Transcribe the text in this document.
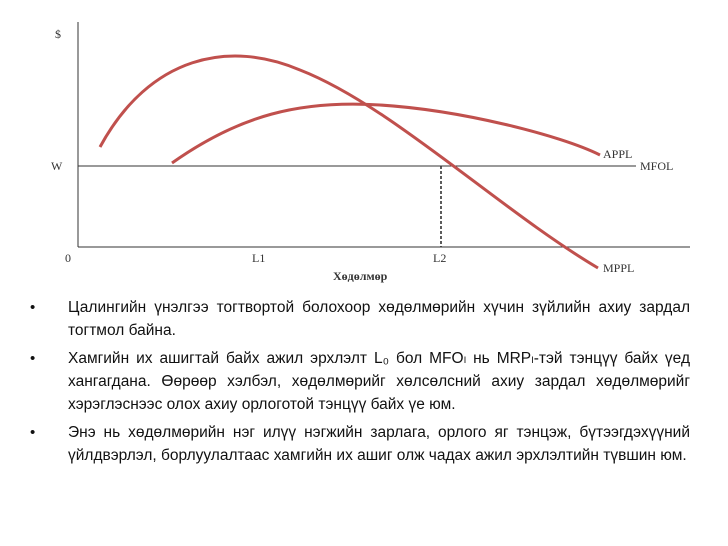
$
W
0	L1	L2
Хөдөлмөр
APPL
MFOL
MPPL
• Цалингийн үнэлгээ тогтвортой болохоор хөдөлмөрийн хүчин зүйлийн ахиу зардал тогтмол байна.
• Хамгийн их ашигтай байх ажил эрхлэлт L₀ бол MFOₗ нь MRPₗ-тэй тэнцүү байх үед хангагдана. Өөрөөр хэлбэл, хөдөлмөрийг хөлсөлсний ахиу зардал хөдөлмөрийг хэрэглэснээс олох ахиу орлоготой тэнцүү байх үе юм.
• Энэ нь хөдөлмөрийн нэг илүү нэгжийн зарлага, орлого яг тэнцэж, бүтээгдэхүүний үйлдвэрлэл, борлуулалтаас хамгийн их ашиг олж чадах ажил эрхлэлтийн түвшин юм.
